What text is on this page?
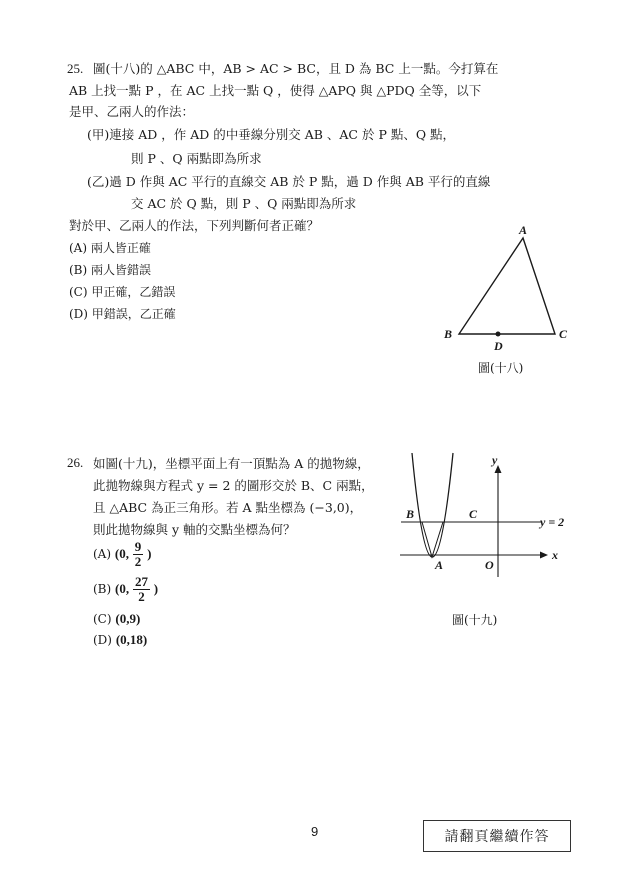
25. 圖(十八)的 △ABC 中，AB > AC > BC，且 D 為 BC 上一點。今打算在
AB 上找一點 P ，在 AC 上找一點 Q ，使得 △APQ 與 △PDQ 全等，以下
是甲、乙兩人的作法：
(甲)連接 AD ，作 AD 的中垂線分別交 AB 、AC 於 P 點、Q 點，
則 P 、Q 兩點即為所求
(乙)過 D 作與 AC 平行的直線交 AB 於 P 點，過 D 作與 AB 平行的直線
交 AC 於 Q 點，則 P 、Q 兩點即為所求
對於甲、乙兩人的作法，下列判斷何者正確？
(A) 兩人皆正確
(B) 兩人皆錯誤
(C) 甲正確，乙錯誤
(D) 甲錯誤，乙正確
A
B	C
D
圖(十八)
26. 如圖(十九)，坐標平面上有一頂點為 A 的拋物線，
此拋物線與方程式 y = 2 的圖形交於 B、C 兩點，
且 △ABC 為正三角形。若 A 點坐標為 (−3,0)，
則此拋物線與 y 軸的交點坐標為何？
(A) (0, $\frac{9}{2}$ )
(B) (0, $\frac{27}{2}$ )
(C) (0,9)
(D) (0,18)
y
x
B	C
y = 2
A	O
圖(十九)
9	請翻頁繼續作答
